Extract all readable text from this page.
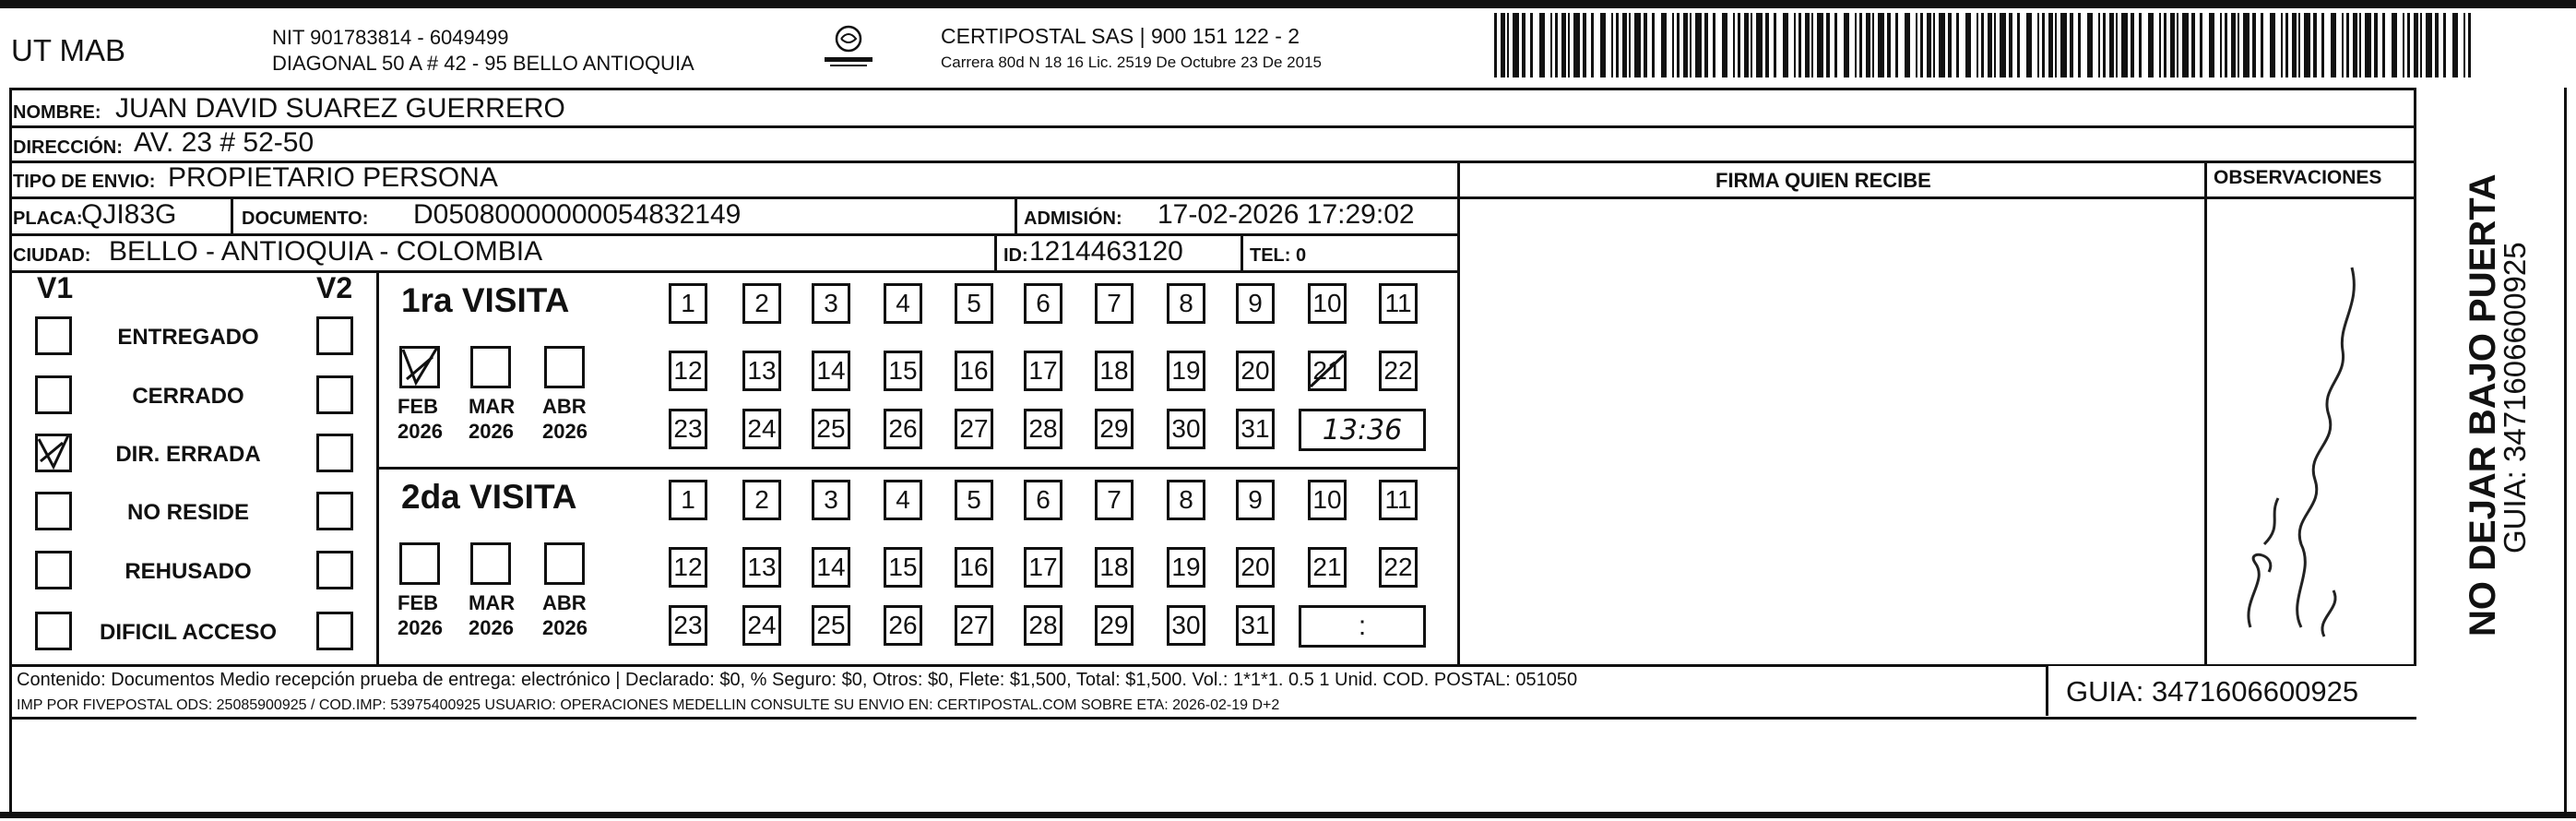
UT MAB	NIT 901783814 - 6049499
DIAGONAL 50 A # 42 - 95 BELLO ANTIOQUIA
CERTIPOSTAL SAS | 900 151 122 - 2
Carrera 80d N 18 16 Lic. 2519 De Octubre 23 De 2015
NOMBRE: JUAN DAVID SUAREZ GUERRERO
DIRECCIÓN: AV. 23 # 52-50
TIPO DE ENVIO: PROPIETARIO PERSONA	FIRMA QUIEN RECIBE	OBSERVACIONES
PLACA:
QJI83G	DOCUMENTO: D05080000000054832149	ADMISIÓN: 17-02-2026 17:29:02
CIUDAD: BELLO - ANTIOQUIA - COLOMBIA	ID: 1214463120	TEL: 0
V1	V2
ENTREGADO
CERRADO
DIR. ERRADA
NO RESIDE
REHUSADO
DIFICIL ACCESO
1ra VISITA
FEB
2026
MAR
2026
ABR
2026
1 2 3 4 5 6 7 8 9 10 11
12 13 14 15 16 17 18 19 20 21 22
23 24 25 26 27 28 29 30 31 13:36
2da VISITA
FEB
2026
MAR
2026
ABR
2026
1 2 3 4 5 6 7 8 9 10 11
12 13 14 15 16 17 18 19 20 21 22
23 24 25 26 27 28 29 30 31	:	NO DEJAR BAJO PUERTA
GUIA: 3471606600925
Contenido: Documentos Medio recepción prueba de entrega: electrónico | Declarado: $0, % Seguro: $0, Otros: $0, Flete: $1,500, Total: $1,500. Vol.: 1*1*1. 0.5 1 Unid. COD. POSTAL: 051050
IMP POR FIVEPOSTAL ODS: 25085900925 / COD.IMP: 53975400925 USUARIO: OPERACIONES MEDELLIN CONSULTE SU ENVIO EN: CERTIPOSTAL.COM SOBRE ETA: 2026-02-19 D+2	GUIA: 3471606600925
